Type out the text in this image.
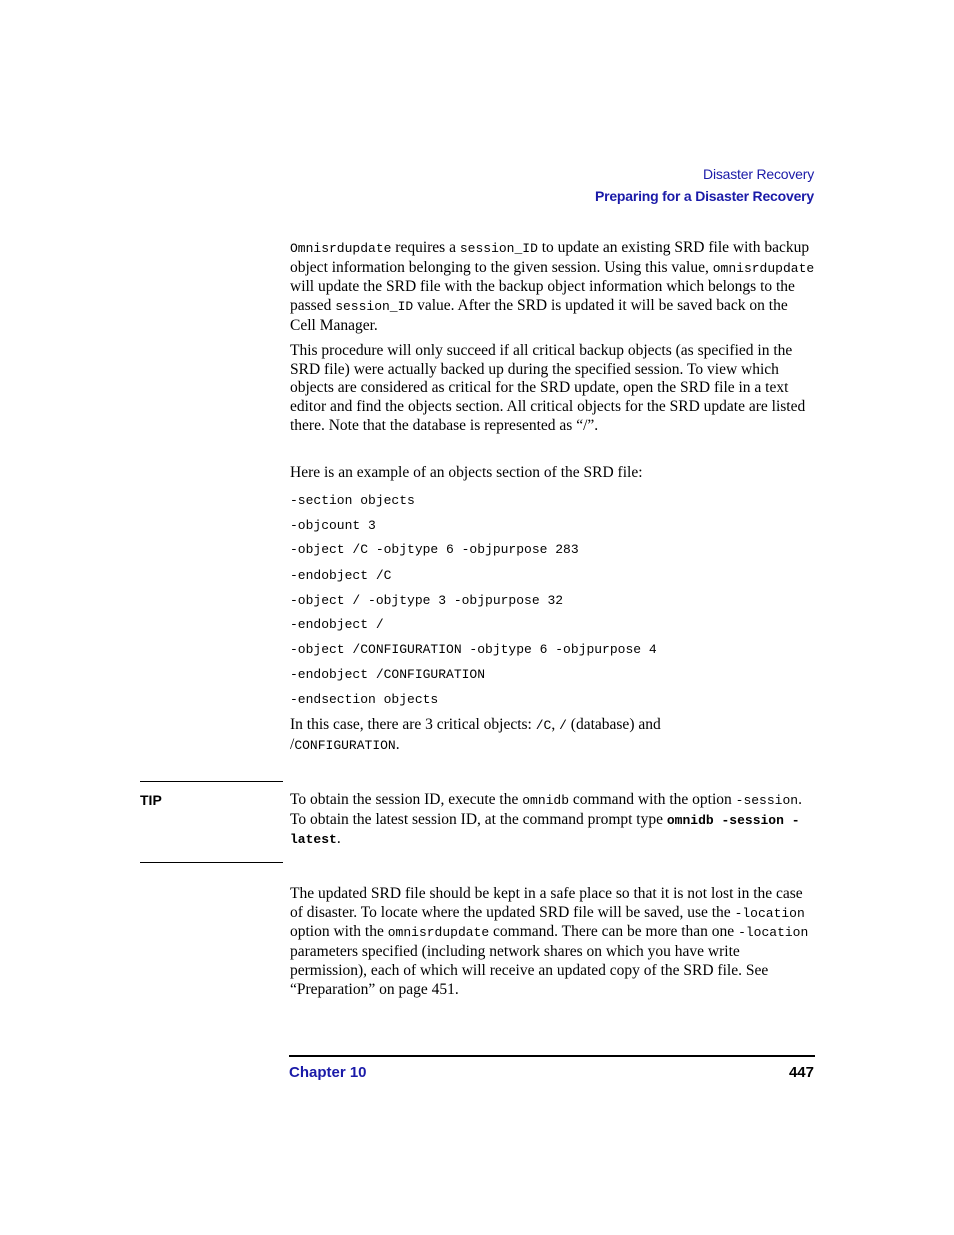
Disaster Recovery
Preparing for a Disaster Recovery

Omnisrdupdate requires a session_ID to update an existing SRD file with backup object information belonging to the given session. Using this value, omnisrdupdate will update the SRD file with the backup object information which belongs to the passed session_ID value. After the SRD is updated it will be saved back on the Cell Manager.

This procedure will only succeed if all critical backup objects (as specified in the SRD file) were actually backed up during the specified session. To view which objects are considered as critical for the SRD update, open the SRD file in a text editor and find the objects section. All critical objects for the SRD update are listed there. Note that the database is represented as “/”.

Here is an example of an objects section of the SRD file:

-section objects
-objcount 3
-object /C -objtype 6 -objpurpose 283
-endobject /C
-object / -objtype 3 -objpurpose 32
-endobject /
-object /CONFIGURATION -objtype 6 -objpurpose 4
-endobject /CONFIGURATION
-endsection objects

In this case, there are 3 critical objects: /C, / (database) and
/CONFIGURATION.

TIP	To obtain the session ID, execute the omnidb command with the option -session. To obtain the latest session ID, at the command prompt type omnidb -session -latest.

The updated SRD file should be kept in a safe place so that it is not lost in the case of disaster. To locate where the updated SRD file will be saved, use the -location option with the omnisrdupdate command. There can be more than one -location parameters specified (including network shares on which you have write permission), each of which will receive an updated copy of the SRD file. See “Preparation” on page 451.

Chapter 10	447
